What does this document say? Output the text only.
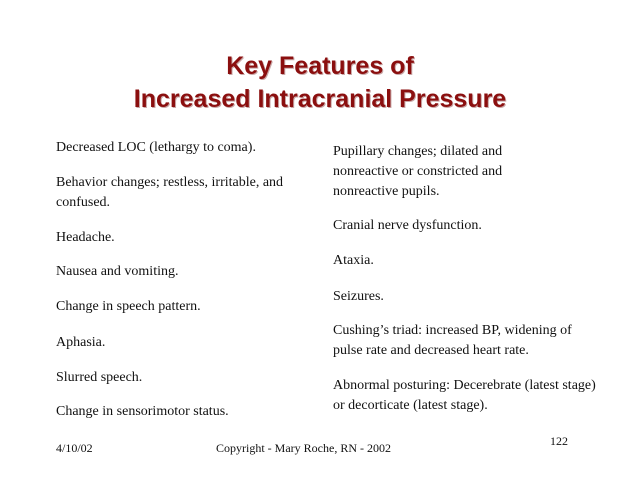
Key Features of
Increased Intracranial Pressure

Decreased LOC (lethargy to coma).

Behavior changes; restless, irritable, and confused.

Headache.

Nausea and vomiting.

Change in speech pattern.

Aphasia.

Slurred speech.

Change in sensorimotor status.

Pupillary changes; dilated and nonreactive or constricted and nonreactive pupils.

Cranial nerve dysfunction.

Ataxia.

Seizures.

Cushing’s triad: increased BP, widening of pulse rate and decreased heart rate.

Abnormal posturing: Decerebrate (latest stage) or decorticate (latest stage).

4/10/02	Copyright - Mary Roche, RN - 2002	122
